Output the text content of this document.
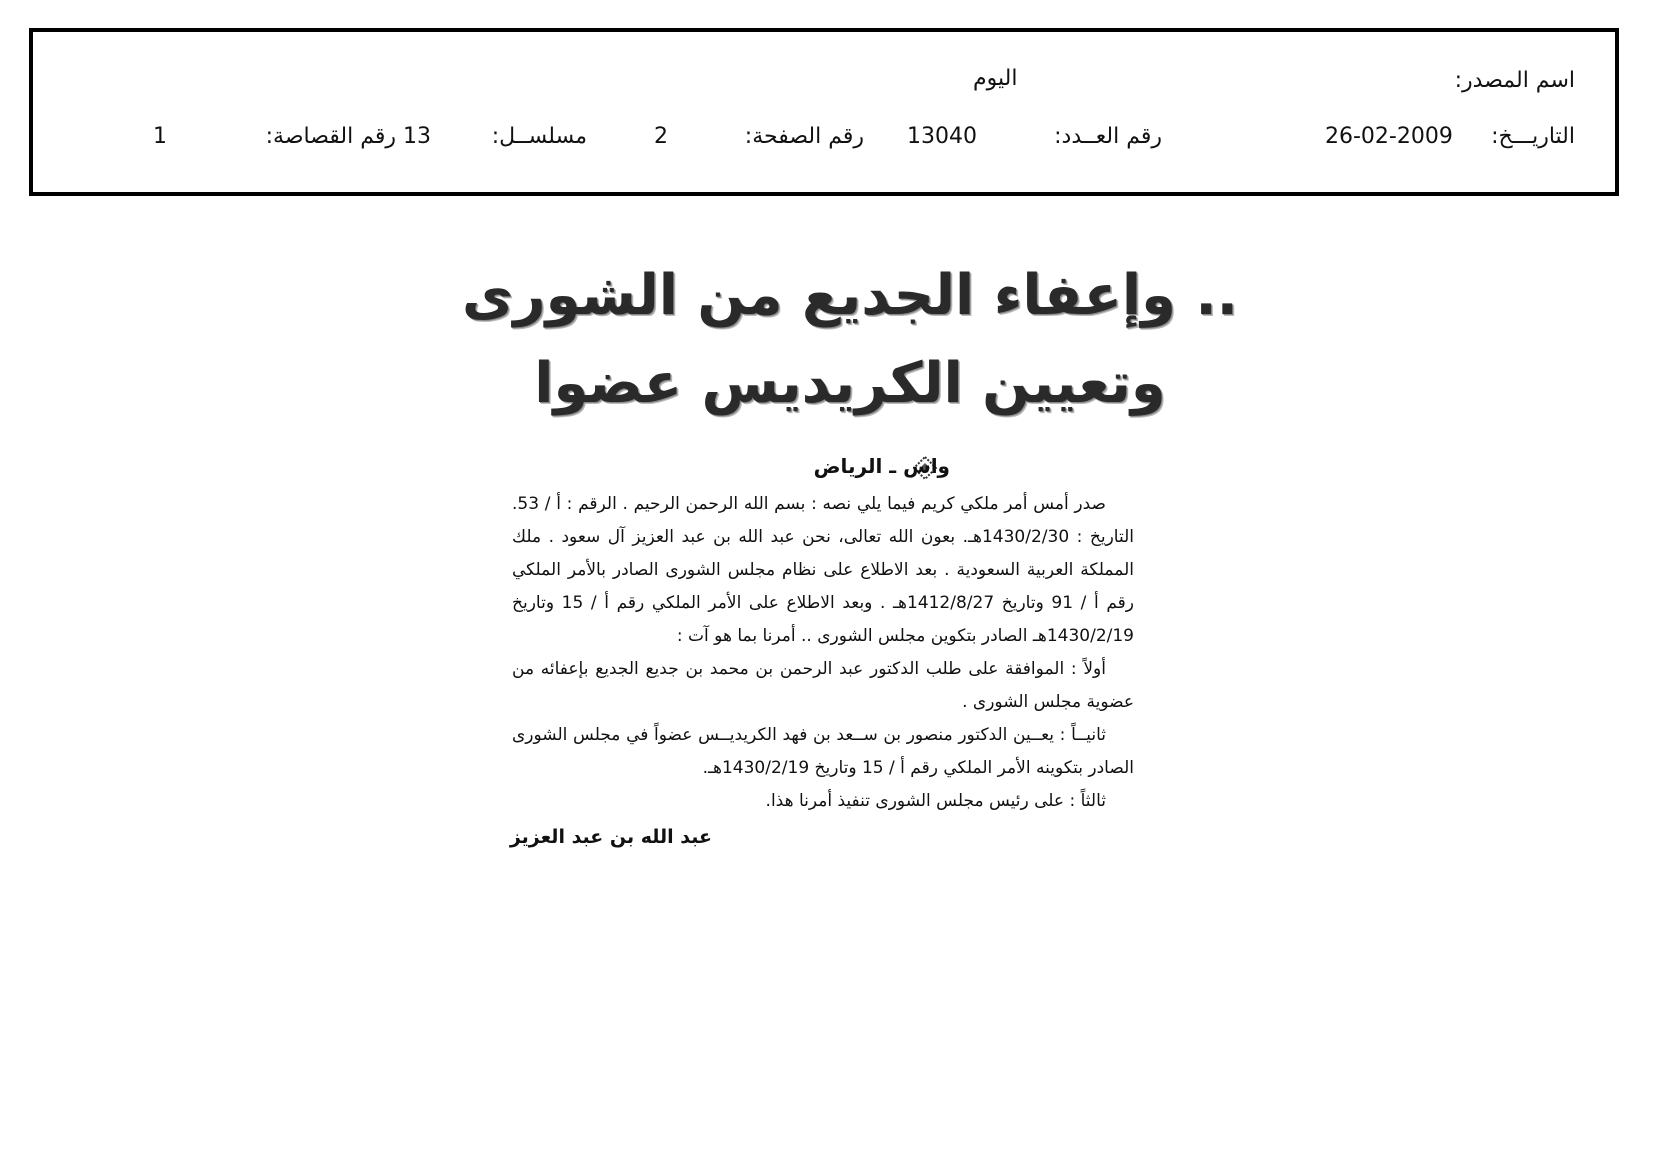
اسم المصدر:
اليوم
التاريـــخ:
26-02-2009
رقم العــدد:
13040
رقم الصفحة:
2
مسلســل:
13
رقم القصاصة:
1
.. وإعفاء الجديع من الشورى
وتعيين الكريديس عضوا
واس ـ الرياض

صدر أمس أمر ملكي كريم فيما يلي نصه : بسم الله الرحمن الرحيم . الرقم : أ / 53. التاريخ : 1430/2/30هـ. بعون الله تعالى، نحن عبد الله بن عبد العزيز آل سعود . ملك المملكة العربية السعودية . بعد الاطلاع على نظام مجلس الشورى الصادر بالأمر الملكي رقم أ / 91 وتاريخ 1412/8/27هـ . وبعد الاطلاع على الأمر الملكي رقم أ / 15 وتاريخ 1430/2/19هـ الصادر بتكوين مجلس الشورى .. أمرنا بما هو آت :

أولاً : الموافقة على طلب الدكتور عبد الرحمن بن محمد بن جديع الجديع بإعفائه من عضوية مجلس الشورى .

ثانيــاً : يعــين الدكتور منصور بن ســعد بن فهد الكريديــس عضواً في مجلس الشورى الصادر بتكوينه الأمر الملكي رقم أ / 15 وتاريخ 1430/2/19هـ.

ثالثاً : على رئيس مجلس الشورى تنفيذ أمرنا هذا.

عبد الله بن عبد العزيز
